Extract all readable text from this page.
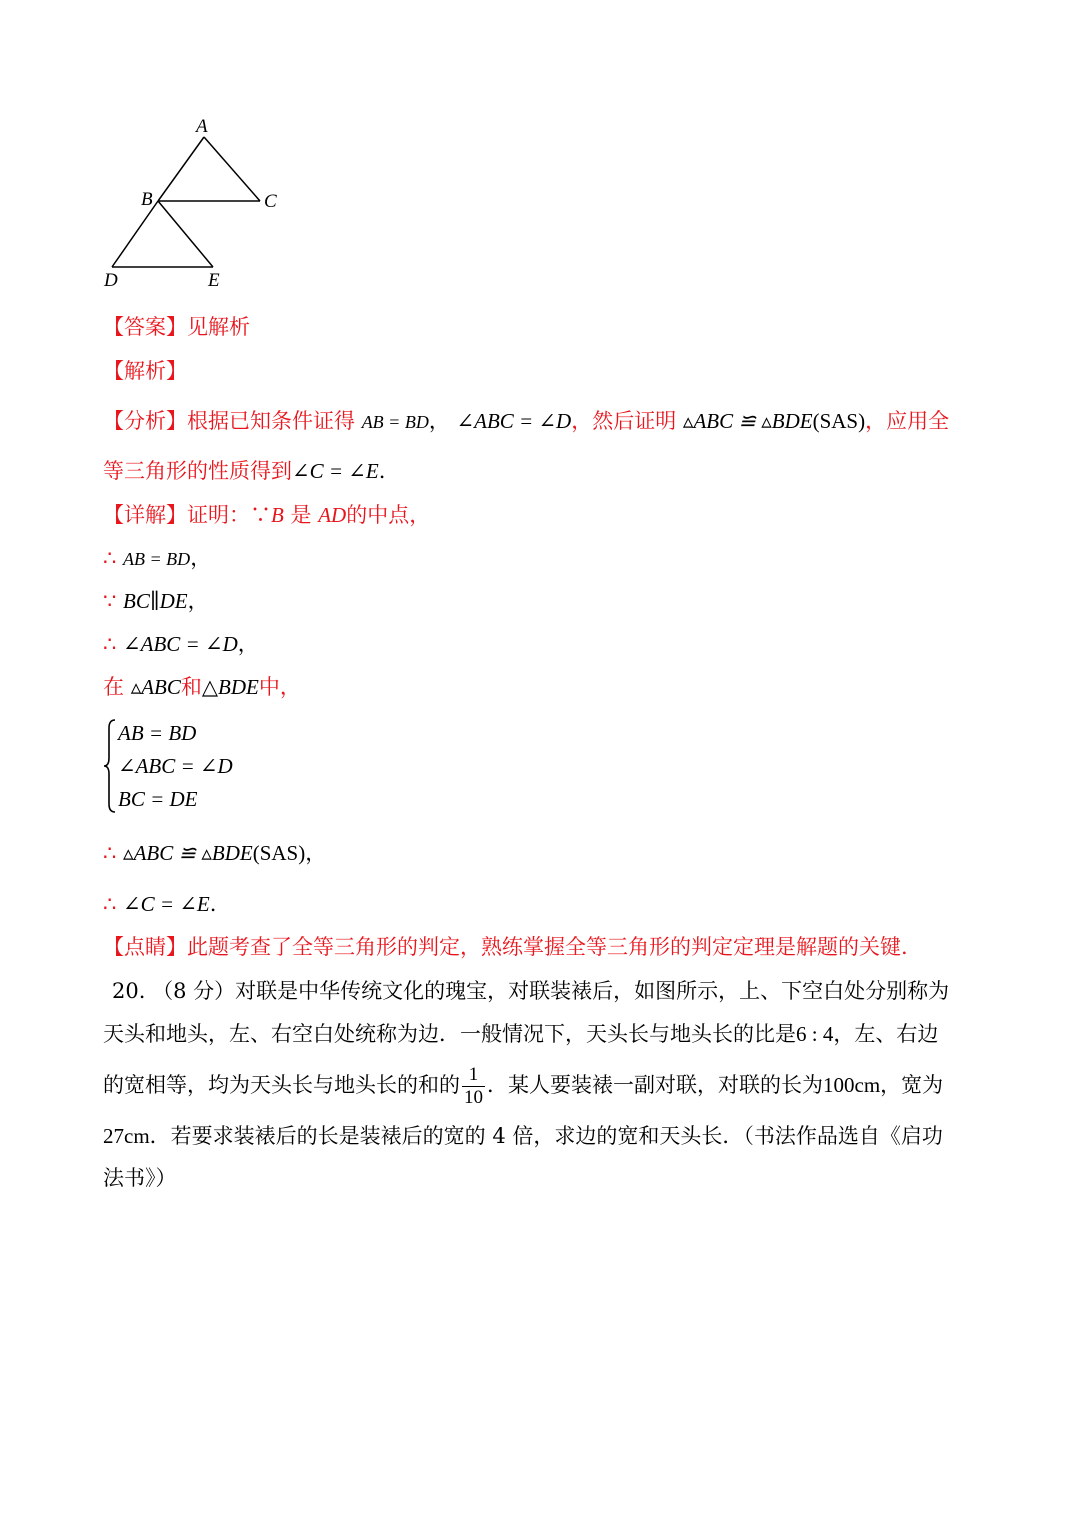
A
B	C
D	E
【答案】见解析
【解析】
【分析】根据已知条件证得 AB = BD， ∠ABC = ∠D，然后证明 ▵ABC ≌ ▵BDE(SAS)，应用全
等三角形的性质得到∠C = ∠E.
【详解】证明：∵B 是 AD的中点，
∴ AB = BD，
∵ BC∥DE，
∴ ∠ABC = ∠D，
在 ▵ABC和△BDE中，
AB = BD
∠ABC = ∠D
BC = DE
∴ ▵ABC ≌ ▵BDE(SAS)，
∴ ∠C = ∠E.
【点睛】此题考查了全等三角形的判定，熟练掌握全等三角形的判定定理是解题的关键.
20. （8 分）对联是中华传统文化的瑰宝，对联装裱后，如图所示，上、下空白处分别称为
天头和地头，左、右空白处统称为边．一般情况下，天头长与地头长的比是6 : 4，左、右边
的宽相等，均为天头长与地头长的和的 $\frac{1}{10}$ ．某人要装裱一副对联，对联的长为100cm，宽为
27cm．若要求装裱后的长是装裱后的宽的 4 倍，求边的宽和天头长．（书法作品选自《启功
法书》）
